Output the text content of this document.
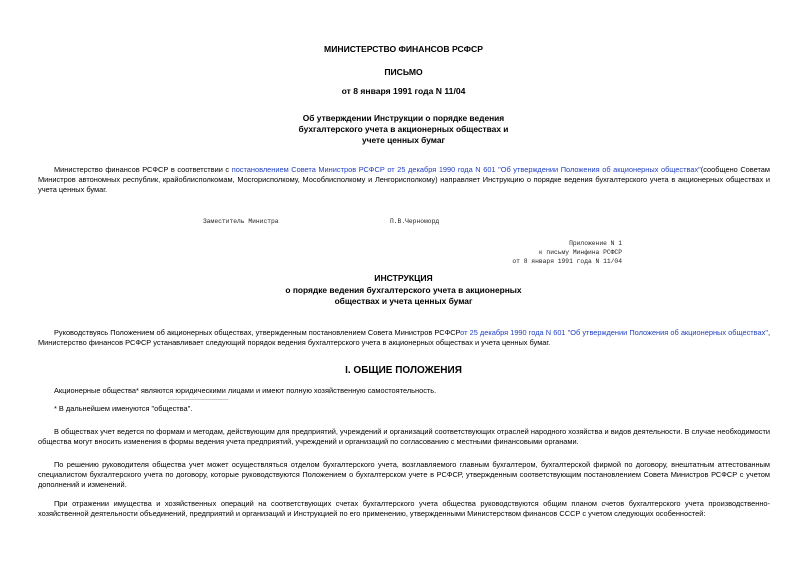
МИНИСТЕРСТВО ФИНАНСОВ РСФСР
ПИСЬМО
от 8 января 1991 года N 11/04
Об утверждении Инструкции о порядке ведения
бухгалтерского учета в акционерных обществах и
учете ценных бумаг
Министерство финансов РСФСР в соответствии с постановлением Совета Министров РСФСР от 25 декабря 1990 года N 601 "Об утверждении Положения об акционерных обществах"(сообщено Советам Министров автономных республик, крайоблисполкомам, Мосгорисполкому, Мособлисполкому и Ленгорисполкому) направляет Инструкцию о порядке ведения бухгалтерского учета в акционерных обществах и учета ценных бумаг.
Заместитель Министра	П.В.Черноморд
Приложение N 1
к письму Минфина РСФСР
от 8 января 1991 года N 11/04
ИНСТРУКЦИЯ
о порядке ведения бухгалтерского учета в акционерных
обществах и учета ценных бумаг
Руководствуясь Положением об акционерных обществах, утвержденным постановлением Совета Министров РСФСРот 25 декабря 1990 года N 601 "Об утверждении Положения об акционерных обществах", Министерство финансов РСФСР устанавливает следующий порядок ведения бухгалтерского учета в акционерных обществах и учета ценных бумаг.
I. ОБЩИЕ ПОЛОЖЕНИЯ
Акционерные общества* являются юридическими лицами и имеют полную хозяйственную самостоятельность.
________________
* В дальнейшем именуются "общества".
В обществах учет ведется по формам и методам, действующим для предприятий, учреждений и организаций соответствующих отраслей народного хозяйства и видов деятельности. В случае необходимости общества могут вносить изменения в формы ведения учета предприятий, учреждений и организаций по согласованию с местными финансовыми органами.
По решению руководителя общества учет может осуществляться отделом бухгалтерского учета, возглавляемого главным бухгалтером, бухгалтерской фирмой по договору, внештатным аттестованным специалистом бухгалтерского учета по договору, которые руководствуются Положением о бухгалтерском учете в РСФСР, утвержденным соответствующим постановлением Совета Министров РСФСР с учетом дополнений и изменений.
При отражении имущества и хозяйственных операций на соответствующих счетах бухгалтерского учета общества руководствуются общим планом счетов бухгалтерского учета производственно-хозяйственной деятельности объединений, предприятий и организаций и Инструкцией по его применению, утвержденными Министерством финансов СССР с учетом следующих особенностей:
